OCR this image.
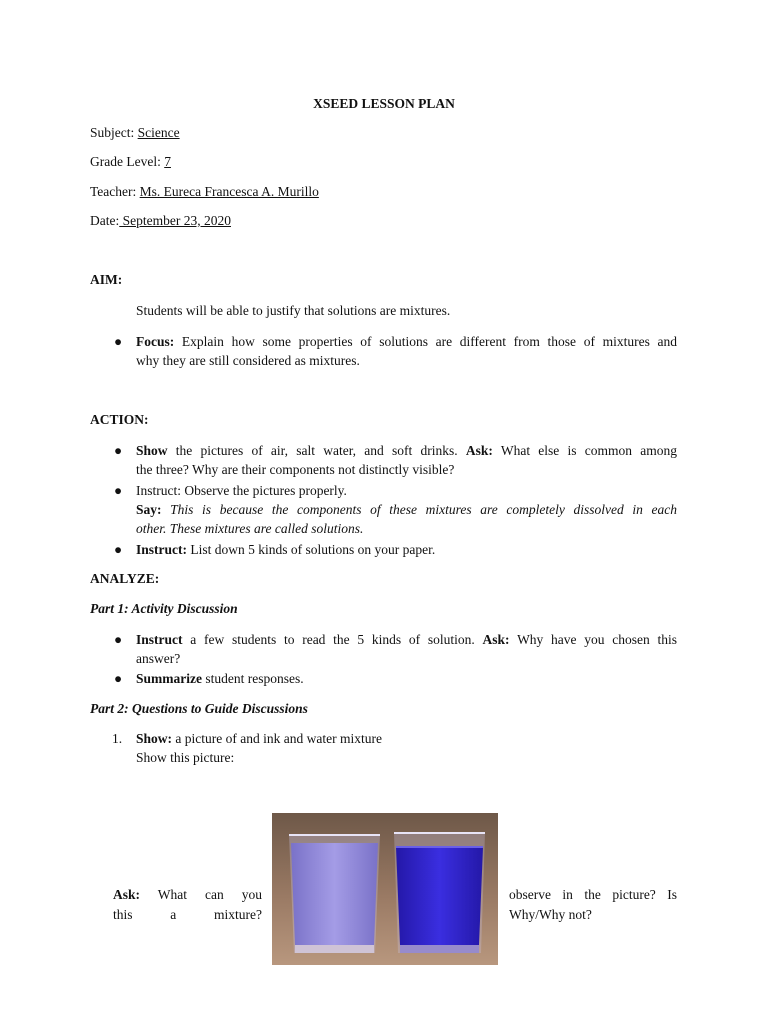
XSEED LESSON PLAN
Subject: Science
Grade Level: 7
Teacher: Ms. Eureca Francesca A. Murillo
Date: September 23, 2020
AIM:
Students will be able to justify that solutions are mixtures.
●	Focus: Explain how some properties of solutions are different from those of mixtures and
why they are still considered as mixtures.
ACTION:
●	Show the pictures of air, salt water, and soft drinks. Ask: What else is common among
the three? Why are their components not distinctly visible?
●	Instruct: Observe the pictures properly.
Say: This is because the components of these mixtures are completely dissolved in each
other. These mixtures are called solutions.
●	Instruct: List down 5 kinds of solutions on your paper.
ANALYZE:
Part 1: Activity Discussion
●	Instruct a few students to read the 5 kinds of solution. Ask: Why have you chosen this
answer?
●	Summarize student responses.
Part 2: Questions to Guide Discussions
1. Show: a picture of and ink and water mixture
Show this picture:
Ask: What can you
this a mixture?
observe in the picture? Is
Why/Why not?
